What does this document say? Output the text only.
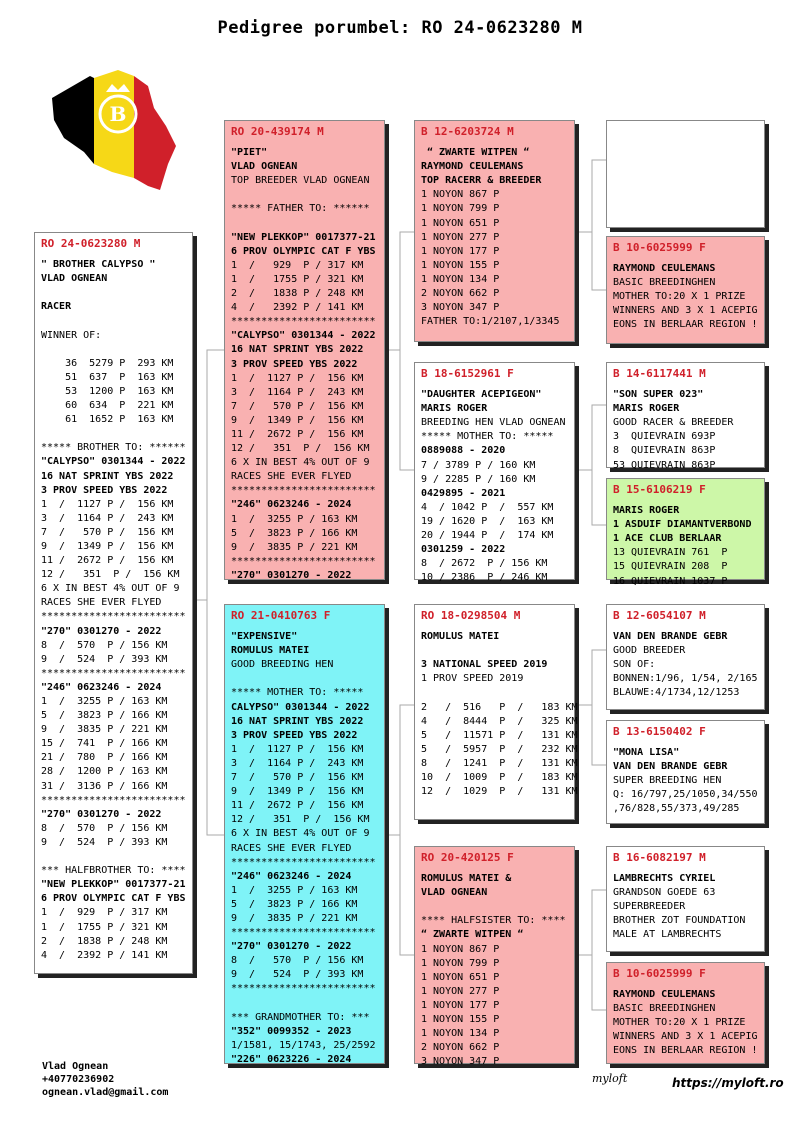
Pedigree porumbel: RO 24-0623280 M
B
RO 24-0623280 M
" BROTHER CALYPSO "
VLAD OGNEAN
RACER
WINNER OF:
36  5279 P  293 KM
51  637  P  163 KM
53  1200 P  163 KM
60  634  P  221 KM
61  1652 P  163 KM
***** BROTHER TO: ******
"CALYPSO" 0301344 - 2022
16 NAT SPRINT YBS 2022
3 PROV SPEED YBS 2022
1  /  1127 P /  156 KM
3  /  1164 P /  243 KM
7  /   570 P /  156 KM
9  /  1349 P /  156 KM
11 /  2672 P /  156 KM
12 /   351  P /  156 KM
6 X IN BEST 4% OUT OF 9
RACES SHE EVER FLYED
************************
"270" 0301270 - 2022
8  /  570  P / 156 KM
9  /  524  P / 393 KM
************************
"246" 0623246 - 2024
1  /  3255 P / 163 KM
5  /  3823 P / 166 KM
9  /  3835 P / 221 KM
15 /  741  P / 166 KM
21 /  780  P / 166 KM
28 /  1200 P / 163 KM
31 /  3136 P / 166 KM
************************
"270" 0301270 - 2022
8  /  570  P / 156 KM
9  /  524  P / 393 KM
*** HALFBROTHER TO: ****
"NEW PLEKKOP" 0017377-21
6 PROV OLYMPIC CAT F YBS
1  /  929  P / 317 KM
1  /  1755 P / 321 KM
2  /  1838 P / 248 KM
4  /  2392 P / 141 KM
RO 20-439174 M
"PIET"
VLAD OGNEAN
TOP BREEDER VLAD OGNEAN
***** FATHER TO: ******
"NEW PLEKKOP" 0017377-21
6 PROV OLYMPIC CAT F YBS
1  /   929  P / 317 KM
1  /   1755 P / 321 KM
2  /   1838 P / 248 KM
4  /   2392 P / 141 KM
************************
"CALYPSO" 0301344 - 2022
16 NAT SPRINT YBS 2022
3 PROV SPEED YBS 2022
1  /  1127 P /  156 KM
3  /  1164 P /  243 KM
7  /   570 P /  156 KM
9  /  1349 P /  156 KM
11 /  2672 P /  156 KM
12 /   351  P /  156 KM
6 X IN BEST 4% OUT OF 9
RACES SHE EVER FLYED
************************
"246" 0623246 - 2024
1  /  3255 P / 163 KM
5  /  3823 P / 166 KM
9  /  3835 P / 221 KM
************************
"270" 0301270 - 2022
RO 21-0410763 F
"EXPENSIVE"
ROMULUS MATEI
GOOD BREEDING HEN
***** MOTHER TO: *****
CALYPSO" 0301344 - 2022
16 NAT SPRINT YBS 2022
3 PROV SPEED YBS 2022
1  /  1127 P /  156 KM
3  /  1164 P /  243 KM
7  /   570 P /  156 KM
9  /  1349 P /  156 KM
11 /  2672 P /  156 KM
12 /   351  P /  156 KM
6 X IN BEST 4% OUT OF 9
RACES SHE EVER FLYED
************************
"246" 0623246 - 2024
1  /  3255 P / 163 KM
5  /  3823 P / 166 KM
9  /  3835 P / 221 KM
************************
"270" 0301270 - 2022
8  /   570  P / 156 KM
9  /   524  P / 393 KM
************************
*** GRANDMOTHER TO: ***
"352" 0099352 - 2023
1/1581, 15/1743, 25/2592
"226" 0623226 - 2024
B 12-6203724 M
“ ZWARTE WITPEN “
RAYMOND CEULEMANS
TOP RACERR & BREEDER
1 NOYON 867 P
1 NOYON 799 P
1 NOYON 651 P
1 NOYON 277 P
1 NOYON 177 P
1 NOYON 155 P
1 NOYON 134 P
2 NOYON 662 P
3 NOYON 347 P
FATHER TO:1/2107,1/3345
B 18-6152961 F
"DAUGHTER ACEPIGEON"
MARIS ROGER
BREEDING HEN VLAD OGNEAN
***** MOTHER TO: *****
0889088 - 2020
7 / 3789 P / 160 KM
9 / 2285 P / 160 KM
0429895 - 2021
4  / 1042 P  /  557 KM
19 / 1620 P  /  163 KM
20 / 1944 P  /  174 KM
0301259 - 2022
8  / 2672  P / 156 KM
10 / 2386  P / 246 KM
RO 18-0298504 M
ROMULUS MATEI
3 NATIONAL SPEED 2019
1 PROV SPEED 2019
2   /  516   P  /   183 KM
4   /  8444  P  /   325 KM
5   /  11571 P  /   131 KM
5   /  5957  P  /   232 KM
8   /  1241  P  /   131 KM
10  /  1009  P  /   183 KM
12  /  1029  P  /   131 KM
RO 20-420125 F
ROMULUS MATEI &
VLAD OGNEAN
**** HALFSISTER TO: ****
“ ZWARTE WITPEN “
1 NOYON 867 P
1 NOYON 799 P
1 NOYON 651 P
1 NOYON 277 P
1 NOYON 177 P
1 NOYON 155 P
1 NOYON 134 P
2 NOYON 662 P
3 NOYON 347 P
B 10-6025999 F
RAYMOND CEULEMANS
BASIC BREEDINGHEN
MOTHER TO:20 X 1 PRIZE
WINNERS AND 3 X 1 ACEPIG
EONS IN BERLAAR REGION !
B 14-6117441 M
"SON SUPER 023"
MARIS ROGER
GOOD RACER & BREEDER
3  QUIEVRAIN 693P
8  QUIEVRAIN 863P
53 QUIEVRAIN 863P
B 15-6106219 F
MARIS ROGER
1 ASDUIF DIAMANTVERBOND
1 ACE CLUB BERLAAR
13 QUIEVRAIN 761  P
15 QUIEVRAIN 208  P
16 QUIEVRAIN 1037 P
B 12-6054107 M
VAN DEN BRANDE GEBR
GOOD BREEDER
SON OF:
BONNEN:1/96, 1/54, 2/165
BLAUWE:4/1734,12/1253
B 13-6150402 F
"MONA LISA"
VAN DEN BRANDE GEBR
SUPER BREEDING HEN
Q: 16/797,25/1050,34/550
,76/828,55/373,49/285
B 16-6082197 M
LAMBRECHTS CYRIEL
GRANDSON GOEDE 63
SUPERBREEDER
BROTHER ZOT FOUNDATION
MALE AT LAMBRECHTS
B 10-6025999 F
RAYMOND CEULEMANS
BASIC BREEDINGHEN
MOTHER TO:20 X 1 PRIZE
WINNERS AND 3 X 1 ACEPIG
EONS IN BERLAAR REGION !
Vlad Ognean
+40770236902
ognean.vlad@gmail.com
myloft	https://myloft.ro
